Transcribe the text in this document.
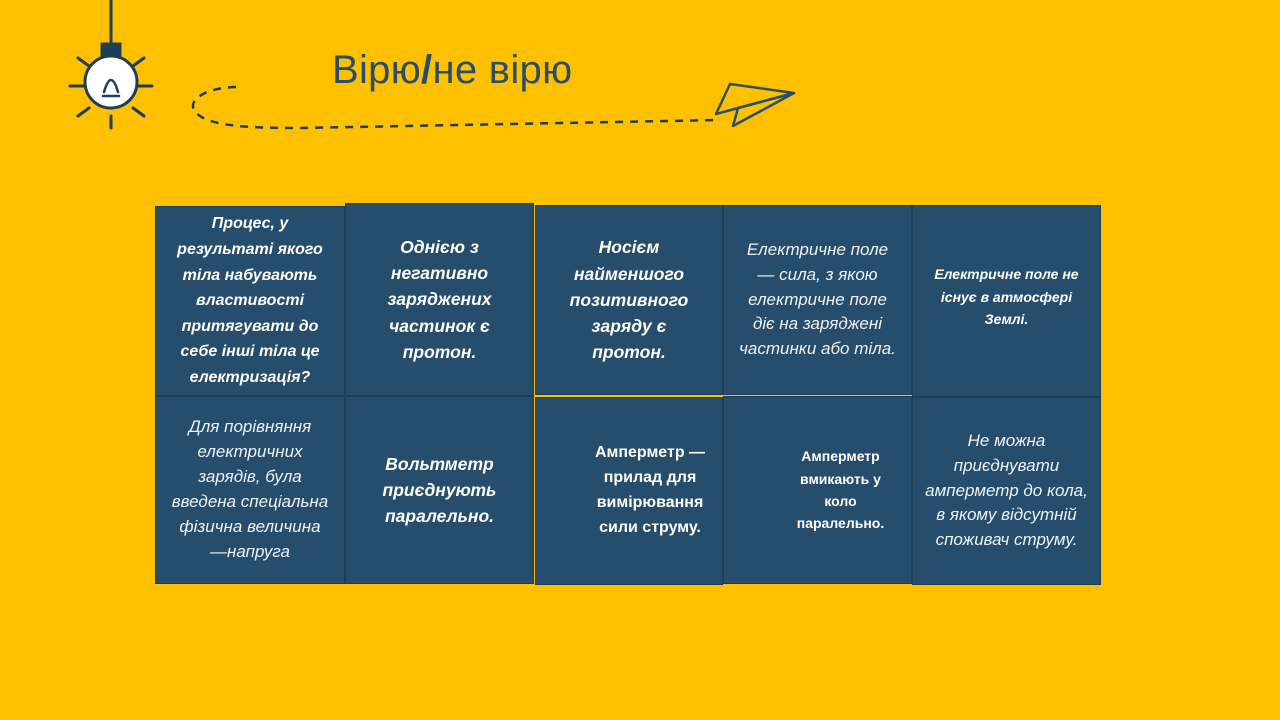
Вірю/не вірю
Процес, у результаті якого тіла набувають властивості притягувати до себе інші тіла це електризація?
Однією з негативно заряджених частинок є протон.
Носієм найменшого позитивного заряду є протон.
Електричне поле — сила, з якою електричне поле діє на заряджені частинки або тіла.
Електричне поле не існує в атмосфері Землі.
Для порівняння електричних зарядів, була введена спеціальна фізична величина —напруга
Вольтметр приєднують паралельно.
Амперметр — прилад для вимірювання сили струму.
Амперметр вмикають у коло паралельно.
Не можна приєднувати амперметр до кола, в якому відсутній споживач струму.
